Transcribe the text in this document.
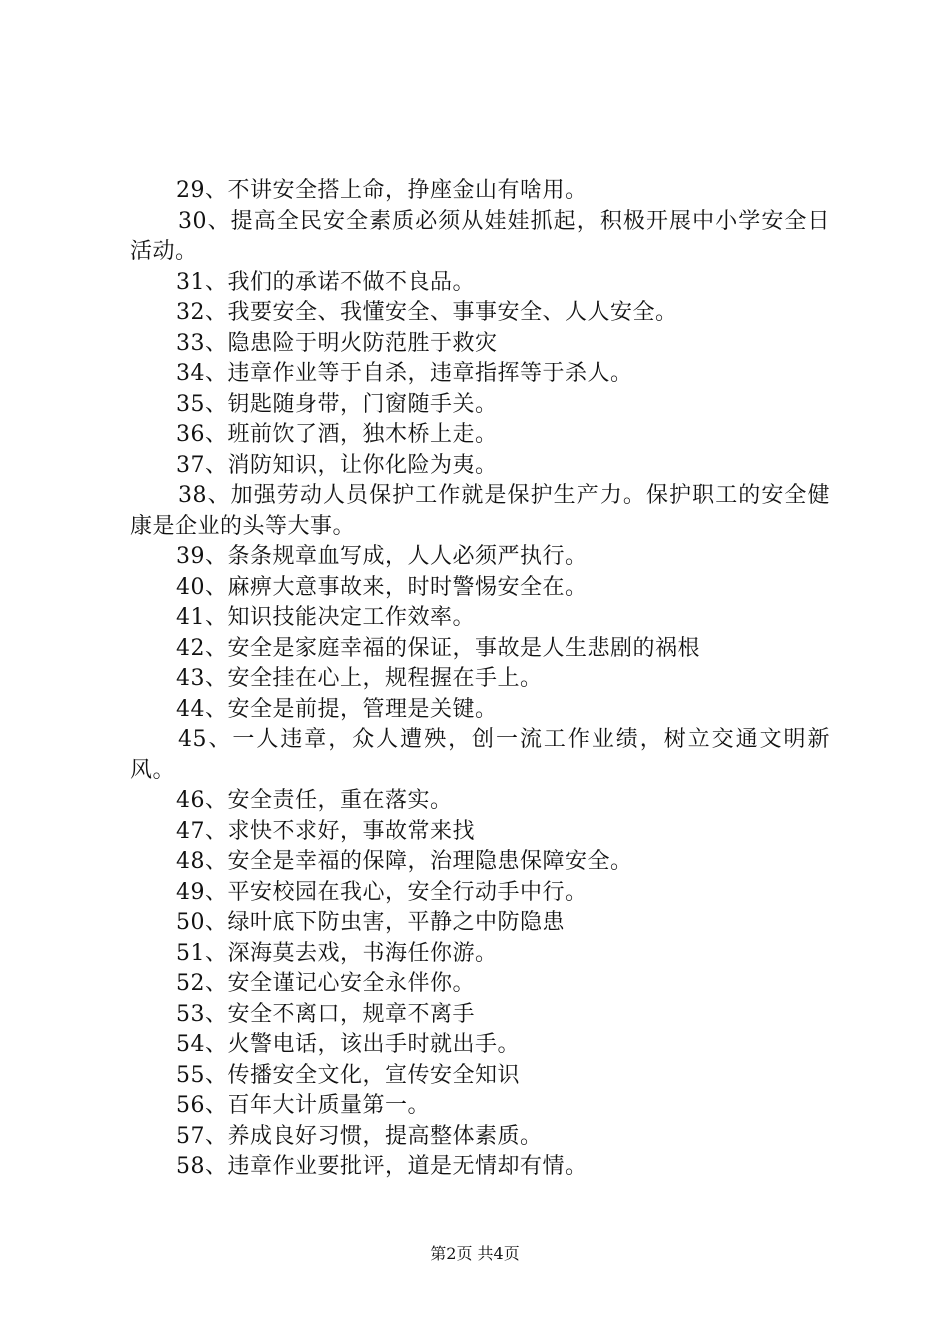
29、不讲安全搭上命，挣座金山有啥用。
30、提高全民安全素质必须从娃娃抓起，积极开展中小学安全日活动。
31、我们的承诺不做不良品。
32、我要安全、我懂安全、事事安全、人人安全。
33、隐患险于明火防范胜于救灾
34、违章作业等于自杀，违章指挥等于杀人。
35、钥匙随身带，门窗随手关。
36、班前饮了酒，独木桥上走。
37、消防知识，让你化险为夷。
38、加强劳动人员保护工作就是保护生产力。保护职工的安全健康是企业的头等大事。
39、条条规章血写成，人人必须严执行。
40、麻痹大意事故来，时时警惕安全在。
41、知识技能决定工作效率。
42、安全是家庭幸福的保证，事故是人生悲剧的祸根
43、安全挂在心上，规程握在手上。
44、安全是前提，管理是关键。
45、一人违章，众人遭殃，创一流工作业绩，树立交通文明新风。
46、安全责任，重在落实。
47、求快不求好，事故常来找
48、安全是幸福的保障，治理隐患保障安全。
49、平安校园在我心，安全行动手中行。
50、绿叶底下防虫害，平静之中防隐患
51、深海莫去戏，书海任你游。
52、安全谨记心安全永伴你。
53、安全不离口，规章不离手
54、火警电话，该出手时就出手。
55、传播安全文化，宣传安全知识
56、百年大计质量第一。
57、养成良好习惯，提高整体素质。
58、违章作业要批评，道是无情却有情。
第2页 共4页
